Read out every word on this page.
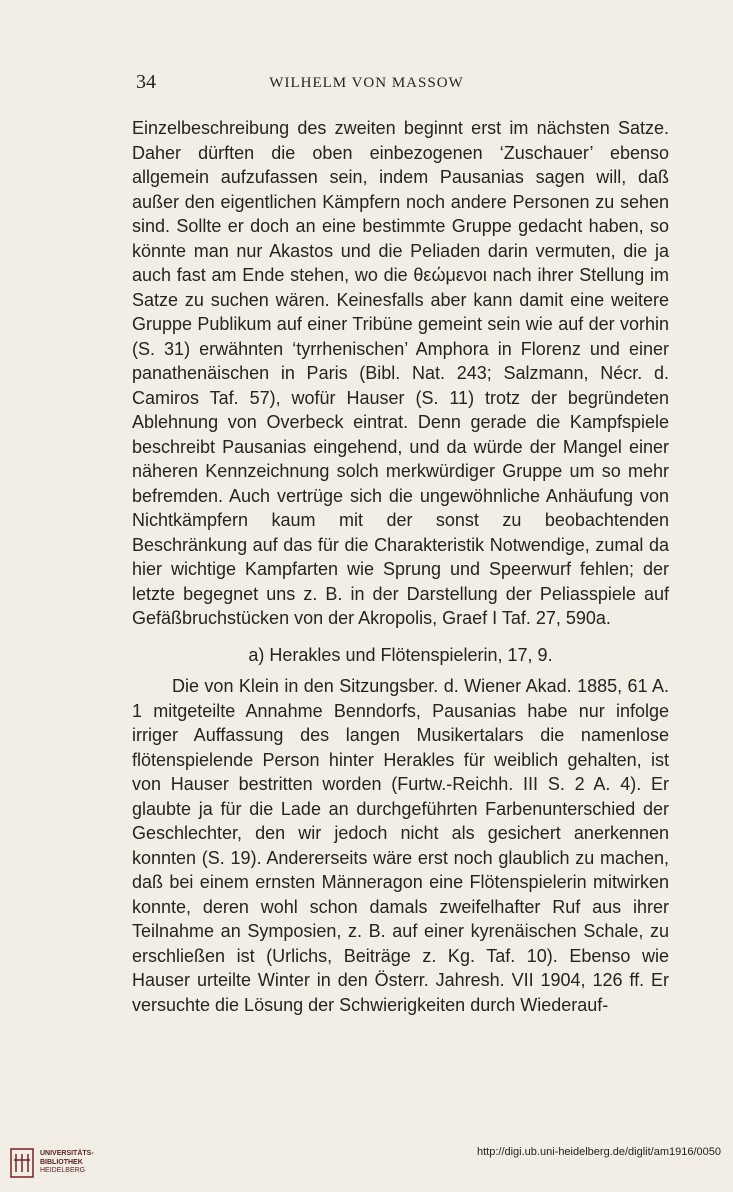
34	WILHELM VON MASSOW

Einzelbeschreibung des zweiten beginnt erst im nächsten Satze. Daher dürften die oben einbezogenen ‘Zuschauer’ ebenso allgemein aufzufassen sein, indem Pausanias sagen will, daß außer den eigentlichen Kämpfern noch andere Personen zu sehen sind. Sollte er doch an eine bestimmte Gruppe gedacht haben, so könnte man nur Akastos und die Peliaden darin vermuten, die ja auch fast am Ende stehen, wo die θεώμενοι nach ihrer Stellung im Satze zu suchen wären. Keinesfalls aber kann damit eine weitere Gruppe Publikum auf einer Tribüne gemeint sein wie auf der vorhin (S. 31) erwähnten ‘tyrrhenischen’ Amphora in Florenz und einer panathenäischen in Paris (Bibl. Nat. 243; Salzmann, Nécr. d. Camiros Taf. 57), wofür Hauser (S. 11) trotz der begründeten Ablehnung von Overbeck eintrat. Denn gerade die Kampfspiele beschreibt Pausanias eingehend, und da würde der Mangel einer näheren Kennzeichnung solch merkwürdiger Gruppe um so mehr befremden. Auch vertrüge sich die ungewöhnliche Anhäufung von Nichtkämpfern kaum mit der sonst zu beobachtenden Beschränkung auf das für die Charakteristik Notwendige, zumal da hier wichtige Kampfarten wie Sprung und Speerwurf fehlen; der letzte begegnet uns z. B. in der Darstellung der Peliasspiele auf Gefäßbruchstücken von der Akropolis, Graef I Taf. 27, 590a.

a) Herakles und Flötenspielerin, 17, 9.

Die von Klein in den Sitzungsber. d. Wiener Akad. 1885, 61 A. 1 mitgeteilte Annahme Benndorfs, Pausanias habe nur infolge irriger Auffassung des langen Musikertalars die namenlose flötenspielende Person hinter Herakles für weiblich gehalten, ist von Hauser bestritten worden (Furtw.-Reichh. III S. 2 A. 4). Er glaubte ja für die Lade an durchgeführten Farbenunterschied der Geschlechter, den wir jedoch nicht als gesichert anerkennen konnten (S. 19). Andererseits wäre erst noch glaublich zu machen, daß bei einem ernsten Männeragon eine Flötenspielerin mitwirken konnte, deren wohl schon damals zweifelhafter Ruf aus ihrer Teilnahme an Symposien, z. B. auf einer kyrenäischen Schale, zu erschließen ist (Urlichs, Beiträge z. Kg. Taf. 10). Ebenso wie Hauser urteilte Winter in den Österr. Jahresh. VII 1904, 126 ff. Er versuchte die Lösung der Schwierigkeiten durch Wiederauf-

UNIVERSITÄTS-
BIBLIOTHEK
HEIDELBERG
http://digi.ub.uni-heidelberg.de/diglit/am1916/0050
